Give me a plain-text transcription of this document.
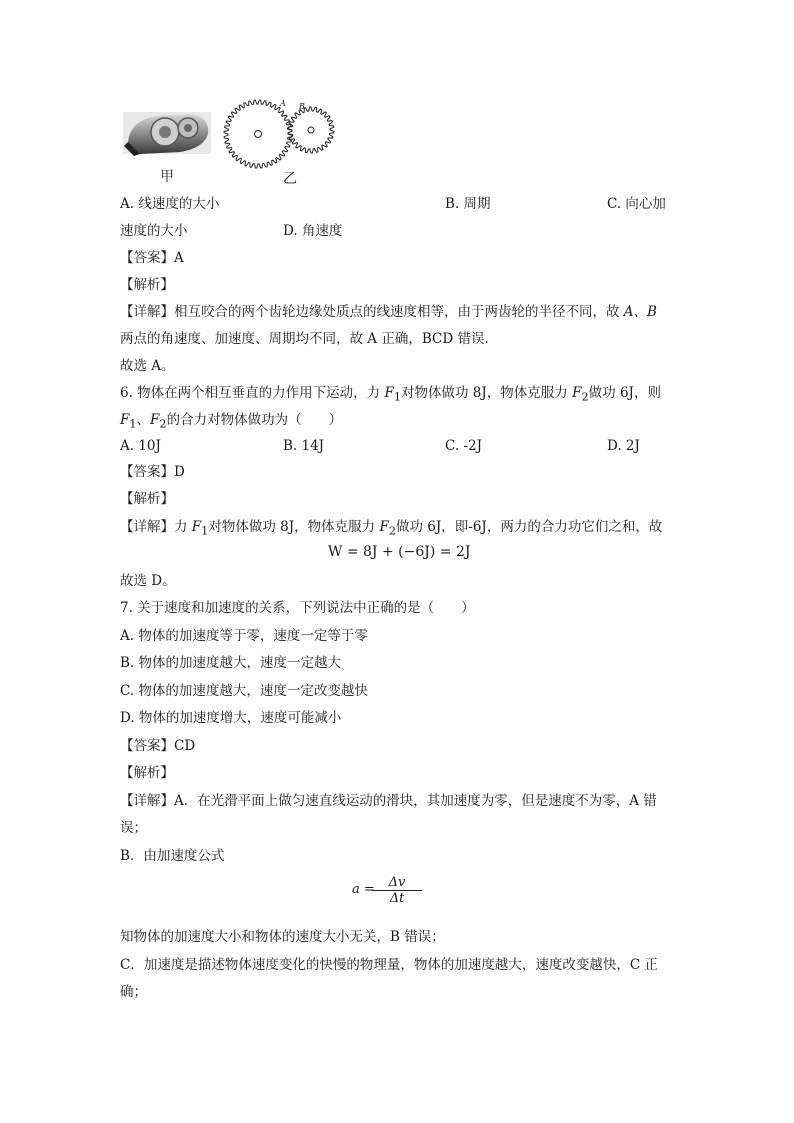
A B
甲	乙
A. 线速度的大小	B. 周期	C. 向心加
速度的大小	D. 角速度
【答案】A
【解析】
【详解】相互咬合的两个齿轮边缘处质点的线速度相等，由于两齿轮的半径不同，故 A、B
两点的角速度、加速度、周期均不同，故 A 正确，BCD 错误．
故选 A。
6. 物体在两个相互垂直的力作用下运动，力 $F_1$对物体做功 8J，物体克服力 $F_2$做功 6J，则
$F_1$、$F_2$的合力对物体做功为（　　）
A. 10J	B. 14J	C. -2J	D. 2J
【答案】D
【解析】
【详解】力 $F_1$对物体做功 8J，物体克服力 $F_2$做功 6J，即-6J，两力的合力功它们之和，故
W = 8J + (−6J) = 2J
故选 D。
7. 关于速度和加速度的关系，下列说法中正确的是（　　）
A. 物体的加速度等于零，速度一定等于零
B. 物体的加速度越大，速度一定越大
C. 物体的加速度越大，速度一定改变越快
D. 物体的加速度增大，速度可能减小
【答案】CD
【解析】
【详解】A．在光滑平面上做匀速直线运动的滑块，其加速度为零，但是速度不为零，A 错
误；
B．由加速度公式
a =
$\frac{\Delta v}{\Delta t}$
知物体的加速度大小和物体的速度大小无关，B 错误；
C．加速度是描述物体速度变化的快慢的物理量，物体的加速度越大，速度改变越快，C 正
确；
